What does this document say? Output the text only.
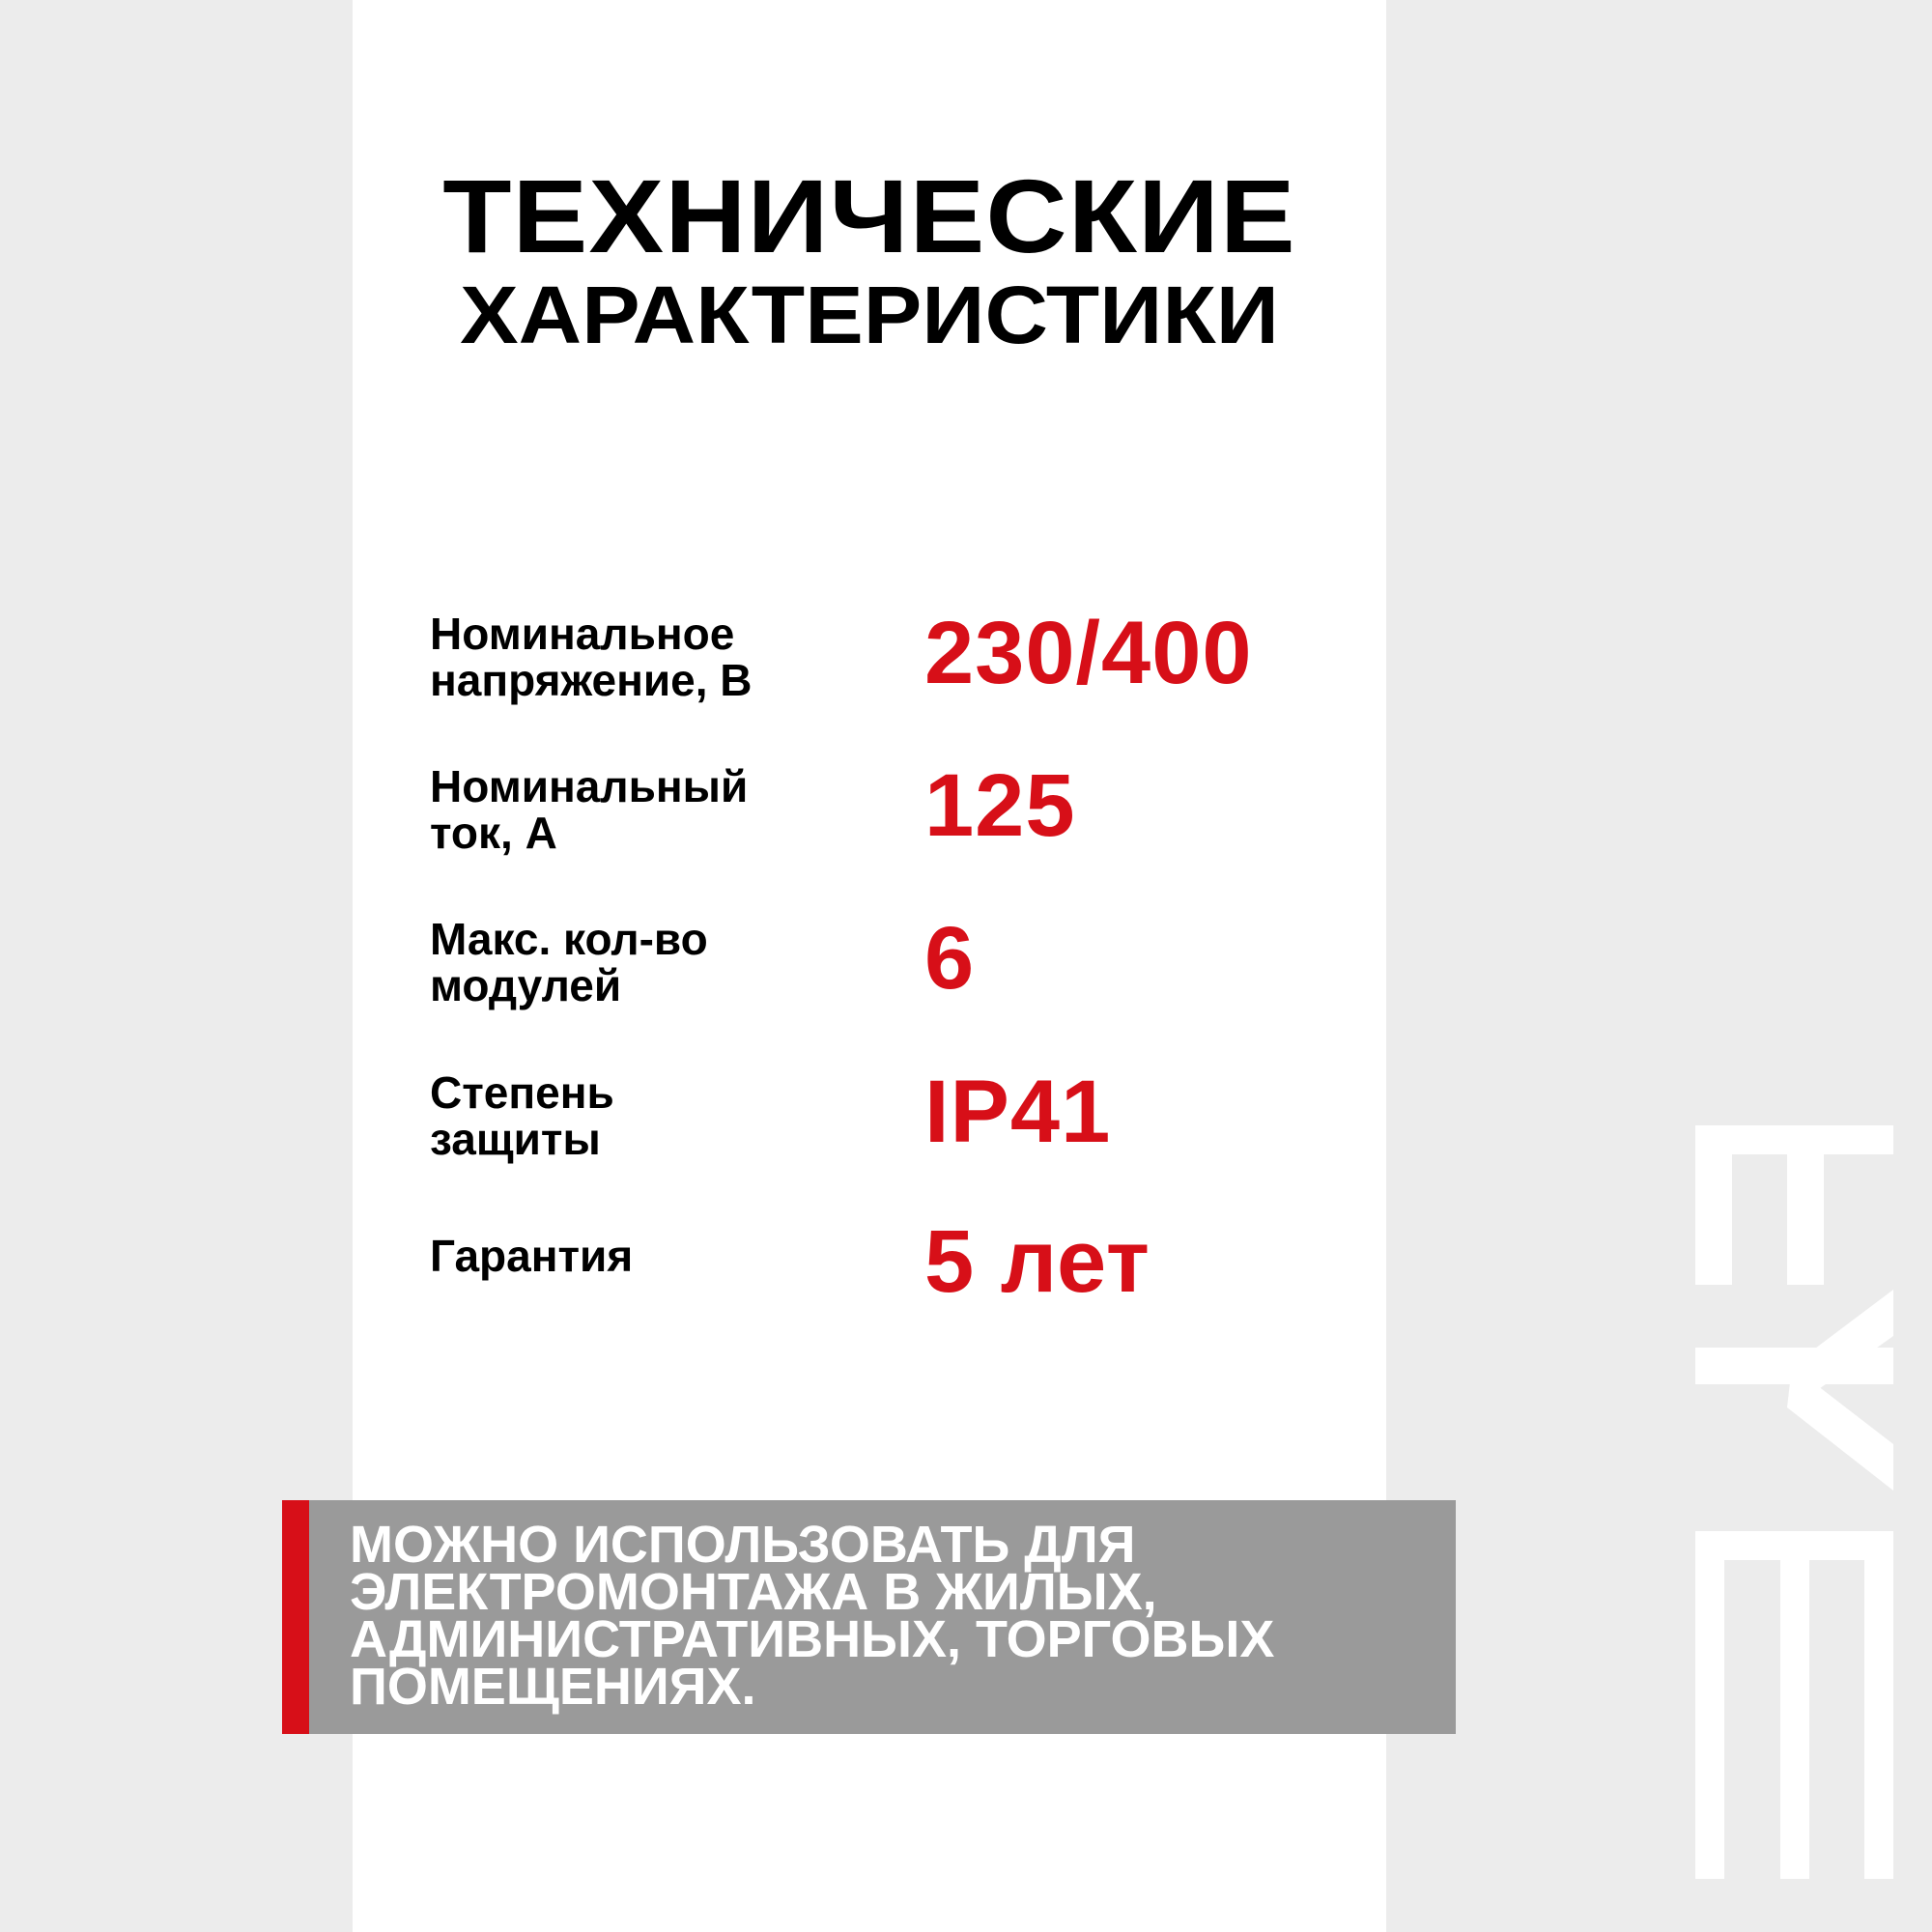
ТЕХНИЧЕСКИЕ
ХАРАКТЕРИСТИКИ
Номинальное
напряжение, В	230/400
Номинальный
ток, А	125
Макс. кол-во
модулей	6
Степень
защиты	IP41
Гарантия	5 лет
МОЖНО ИСПОЛЬЗОВАТЬ ДЛЯ
ЭЛЕКТРОМОНТАЖА В ЖИЛЫХ,
АДМИНИСТРАТИВНЫХ, ТОРГОВЫХ
ПОМЕЩЕНИЯХ.
